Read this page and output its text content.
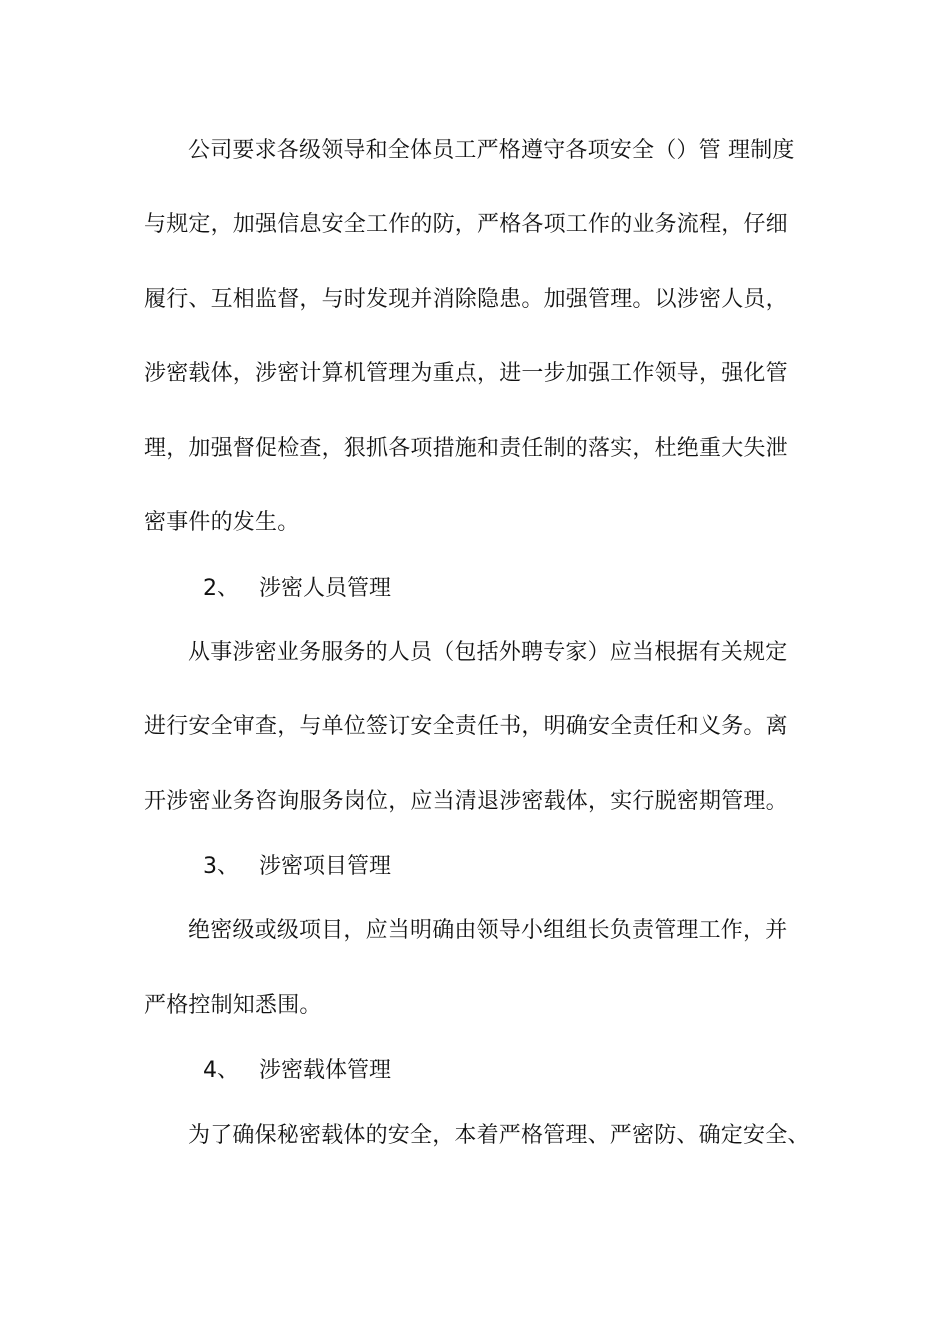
公司要求各级领导和全体员工严格遵守各项安全（）管 理制度
与规定，加强信息安全工作的防，严格各项工作的业务流程，仔细
履行、互相监督，与时发现并消除隐患。加强管理。以涉密人员，
涉密载体，涉密计算机管理为重点，进一步加强工作领导，强化管
理，加强督促检查，狠抓各项措施和责任制的落实，杜绝重大失泄
密事件的发生。
2、 涉密人员管理
从事涉密业务服务的人员（包括外聘专家）应当根据有关规定
进行安全审查，与单位签订安全责任书，明确安全责任和义务。离
开涉密业务咨询服务岗位，应当清退涉密载体，实行脱密期管理。
3、 涉密项目管理
绝密级或级项目，应当明确由领导小组组长负责管理工作，并
严格控制知悉围。
4、 涉密载体管理
为了确保秘密载体的安全，本着严格管理、严密防、确定安全、
